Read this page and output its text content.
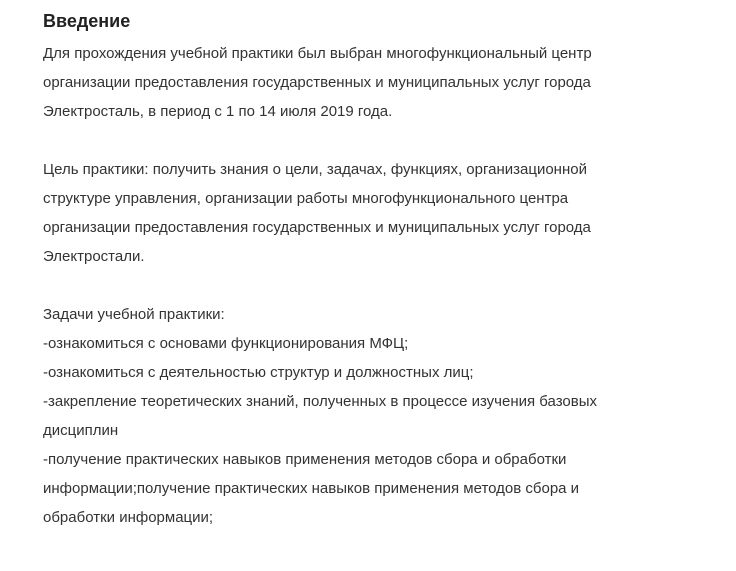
Введение

Для прохождения учебной практики был выбран многофункциональный центр
организации предоставления государственных и муниципальных услуг города
Электросталь, в период с 1 по 14 июля 2019 года.

Цель практики: получить знания о цели, задачах, функциях, организационной
структуре управления, организации работы многофункционального центра
организации предоставления государственных и муниципальных услуг города
Электростали.

Задачи учебной практики:
-ознакомиться с основами функционирования МФЦ;
-ознакомиться с деятельностью структур и должностных лиц;
-закрепление теоретических знаний, полученных в процессе изучения базовых
дисциплин
-получение практических навыков применения методов сбора и обработки
информации;получение практических навыков применения методов сбора и
обработки информации;
